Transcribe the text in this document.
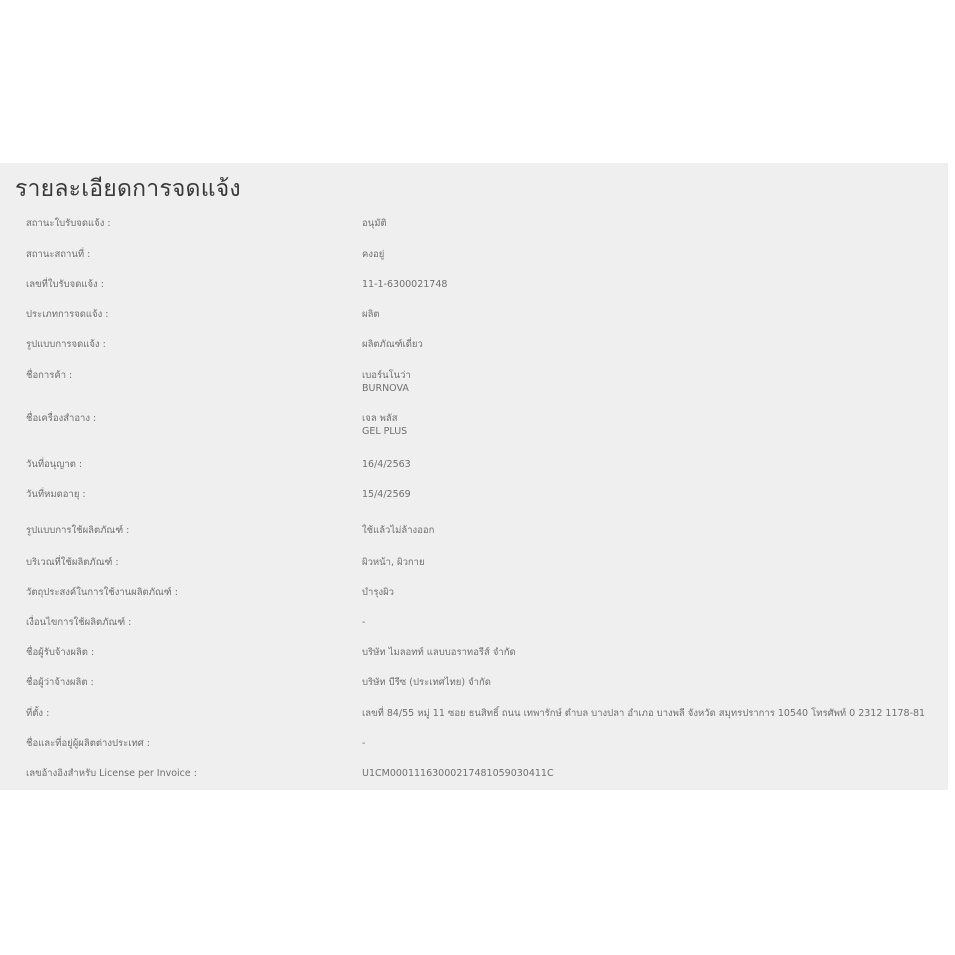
รายละเอียดการจดแจ้ง
สถานะใบรับจดแจ้ง :	อนุมัติ
สถานะสถานที่ :	คงอยู่
เลขที่ใบรับจดแจ้ง :	11-1-6300021748
ประเภทการจดแจ้ง :	ผลิต
รูปแบบการจดแจ้ง :	ผลิตภัณฑ์เดี่ยว
ชื่อการค้า :	เบอร์นโนว่า
BURNOVA
ชื่อเครื่องสำอาง :	เจล พลัส
GEL PLUS
วันที่อนุญาต :	16/4/2563
วันที่หมดอายุ :	15/4/2569
รูปแบบการใช้ผลิตภัณฑ์ :	ใช้แล้วไม่ล้างออก
บริเวณที่ใช้ผลิตภัณฑ์ :	ผิวหน้า, ผิวกาย
วัตถุประสงค์ในการใช้งานผลิตภัณฑ์ :	บำรุงผิว
เงื่อนไขการใช้ผลิตภัณฑ์ :	-
ชื่อผู้รับจ้างผลิต :	บริษัท ไมลอทท์ แลบบอราทอรีส์ จำกัด
ชื่อผู้ว่าจ้างผลิต :	บริษัท บีรีซ (ประเทศไทย) จำกัด
ที่ตั้ง :	เลขที่ 84/55 หมู่ 11 ซอย ธนสิทธิ์ ถนน เทพารักษ์ ตำบล บางปลา อำเภอ บางพลี จังหวัด สมุทรปราการ 10540 โทรศัพท์ 0 2312 1178-81
ชื่อและที่อยู่ผู้ผลิตต่างประเทศ :	-
เลขอ้างอิงสำหรับ License per Invoice :	U1CM00011163000217481059030411C
